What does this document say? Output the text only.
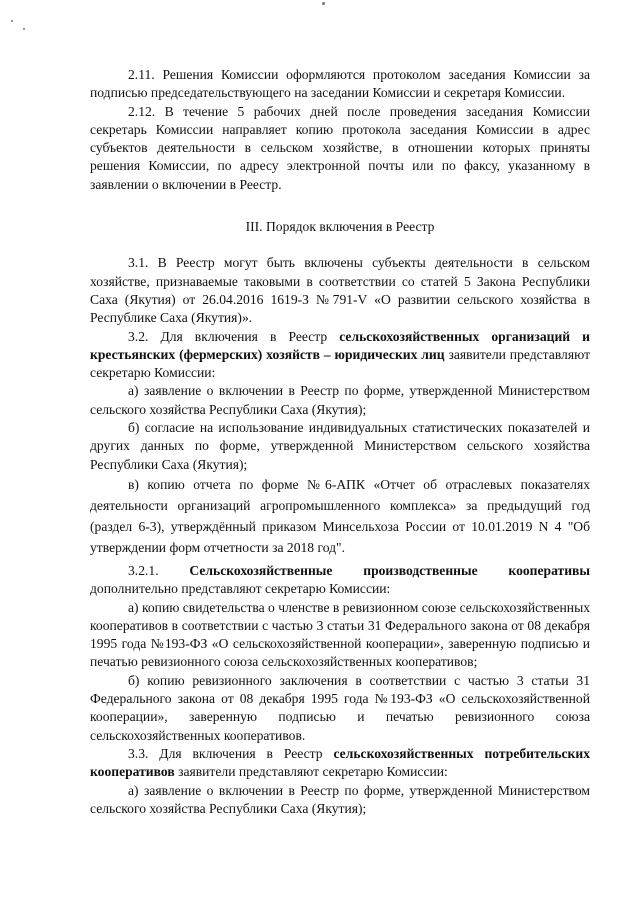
2.11. Решения Комиссии оформляются протоколом заседания Комиссии за подписью председательствующего на заседании Комиссии и секретаря Комиссии.

2.12. В течение 5 рабочих дней после проведения заседания Комиссии секретарь Комиссии направляет копию протокола заседания Комиссии в адрес субъектов деятельности в сельском хозяйстве, в отношении которых приняты решения Комиссии, по адресу электронной почты или по факсу, указанному в заявлении о включении в Реестр.

III. Порядок включения в Реестр

3.1. В Реестр могут быть включены субъекты деятельности в сельском хозяйстве, признаваемые таковыми в соответствии со статей 5 Закона Республики Саха (Якутия) от 26.04.2016 1619-З №791-V «О развитии сельского хозяйства в Республике Саха (Якутия)».

3.2. Для включения в Реестр сельскохозяйственных организаций и крестьянских (фермерских) хозяйств – юридических лиц заявители представляют секретарю Комиссии:

а) заявление о включении в Реестр по форме, утвержденной Министерством сельского хозяйства Республики Саха (Якутия);

б) согласие на использование индивидуальных статистических показателей и других данных по форме, утвержденной Министерством сельского хозяйства Республики Саха (Якутия);

в) копию отчета по форме №6-АПК «Отчет об отраслевых показателях деятельности организаций агропромышленного комплекса» за предыдущий год (раздел 6-3), утверждённый приказом Минсельхоза России от 10.01.2019 N 4 "Об утверждении форм отчетности за 2018 год".

3.2.1. Сельскохозяйственные производственные кооперативы дополнительно представляют секретарю Комиссии:

а) копию свидетельства о членстве в ревизионном союзе сельскохозяйственных кооперативов в соответствии с частью 3 статьи 31 Федерального закона от 08 декабря 1995 года №193-ФЗ «О сельскохозяйственной кооперации», заверенную подписью и печатью ревизионного союза сельскохозяйственных кооперативов;

б) копию ревизионного заключения в соответствии с частью 3 статьи 31 Федерального закона от 08 декабря 1995 года №193-ФЗ «О сельскохозяйственной кооперации», заверенную подписью и печатью ревизионного союза сельскохозяйственных кооперативов.

3.3. Для включения в Реестр сельскохозяйственных потребительских кооперативов заявители представляют секретарю Комиссии:

а) заявление о включении в Реестр по форме, утвержденной Министерством сельского хозяйства Республики Саха (Якутия);
